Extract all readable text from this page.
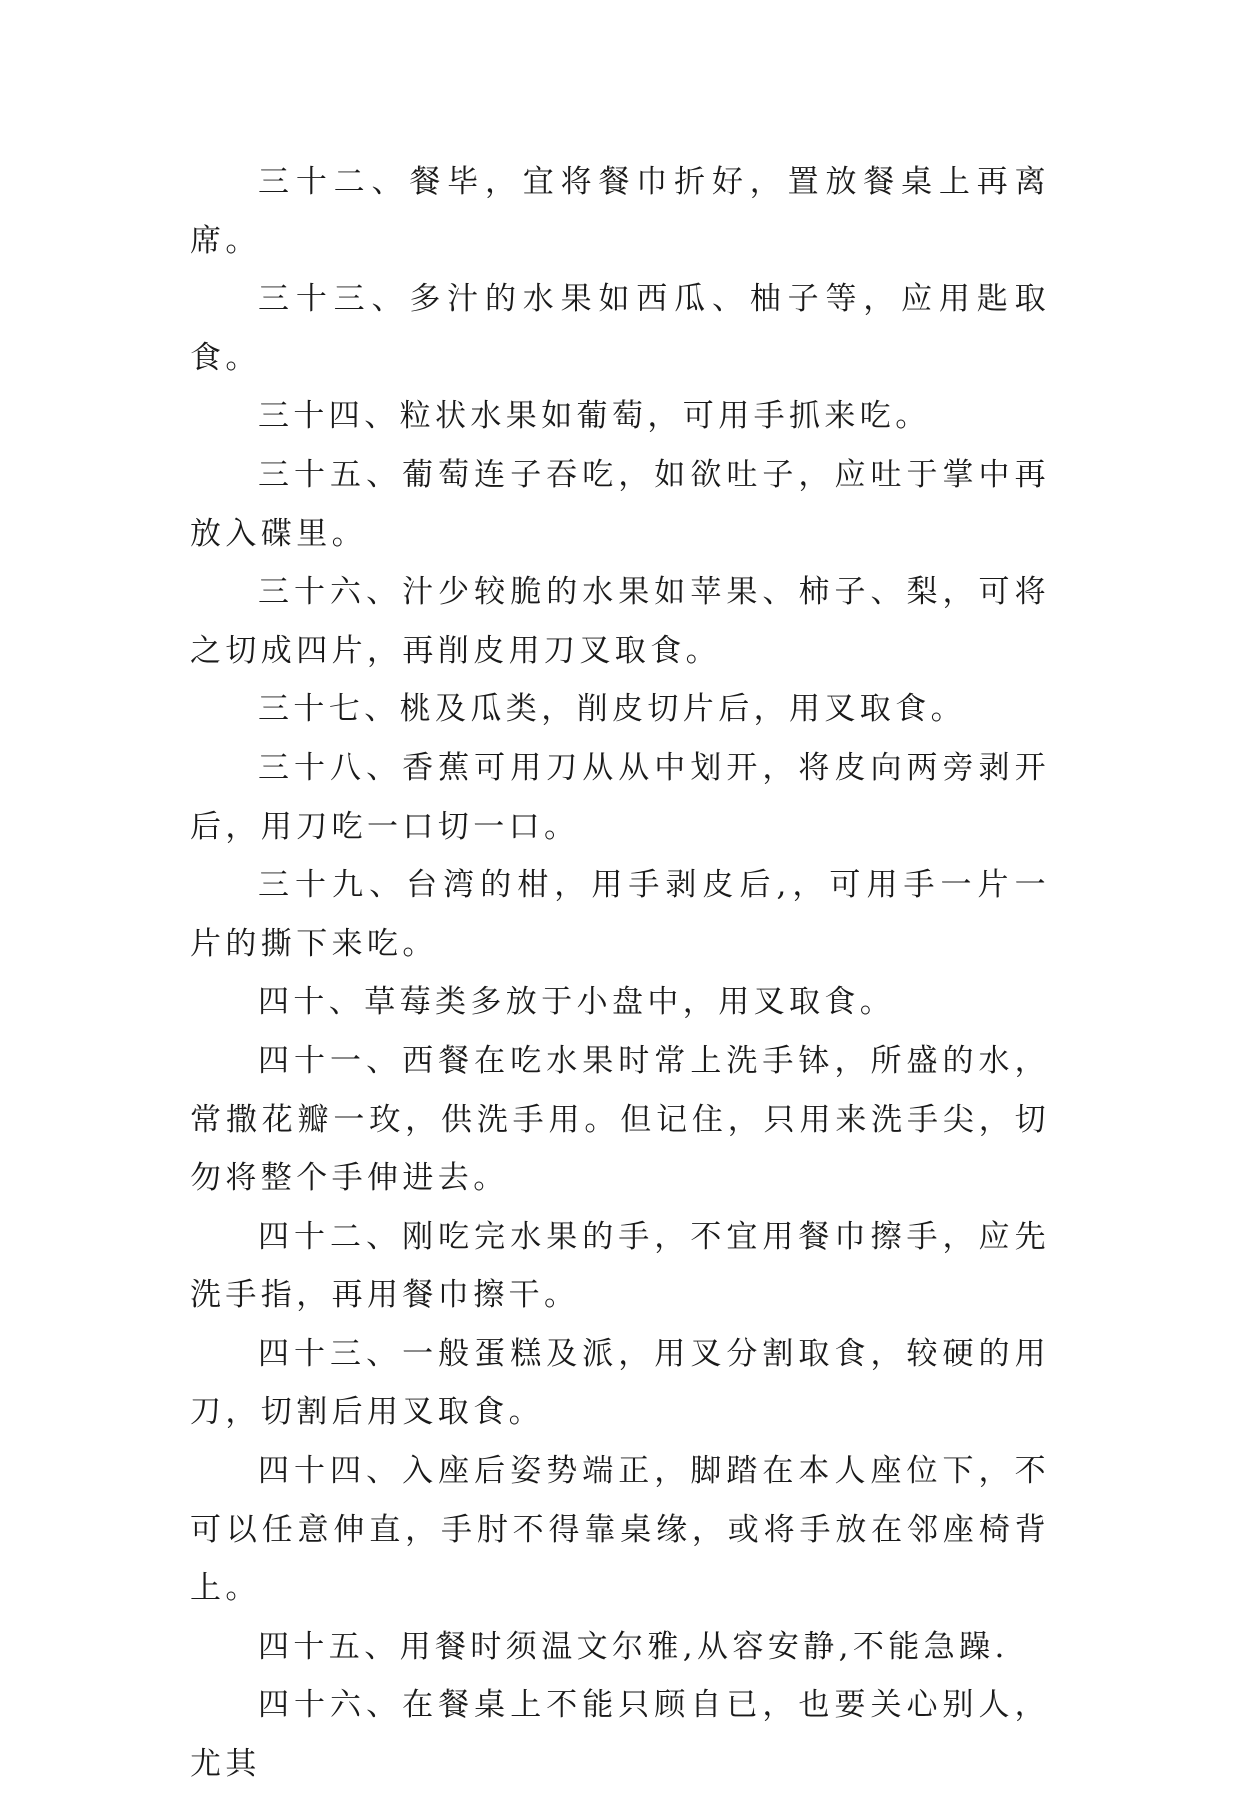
三十二、餐毕，宜将餐巾折好，置放餐桌上再离席。

三十三、多汁的水果如西瓜、柚子等，应用匙取食。

三十四、粒状水果如葡萄，可用手抓来吃。

三十五、葡萄连子吞吃，如欲吐子，应吐于掌中再放入碟里。

三十六、汁少较脆的水果如苹果、柿子、梨，可将之切成四片，再削皮用刀叉取食。

三十七、桃及瓜类，削皮切片后，用叉取食。

三十八、香蕉可用刀从从中划开，将皮向两旁剥开后，用刀吃一口切一口。

三十九、台湾的柑，用手剥皮后,，可用手一片一片的撕下来吃。

四十、草莓类多放于小盘中，用叉取食。

四十一、西餐在吃水果时常上洗手钵，所盛的水，常撒花瓣一玫，供洗手用。但记住，只用来洗手尖，切勿将整个手伸进去。

四十二、刚吃完水果的手，不宜用餐巾擦手，应先洗手指，再用餐巾擦干。

四十三、一般蛋糕及派，用叉分割取食，较硬的用刀，切割后用叉取食。

四十四、入座后姿势端正，脚踏在本人座位下，不可以任意伸直，手肘不得靠桌缘，或将手放在邻座椅背上。

四十五、用餐时须温文尔雅,从容安静,不能急躁.

四十六、在餐桌上不能只顾自已，也要关心别人，尤其
